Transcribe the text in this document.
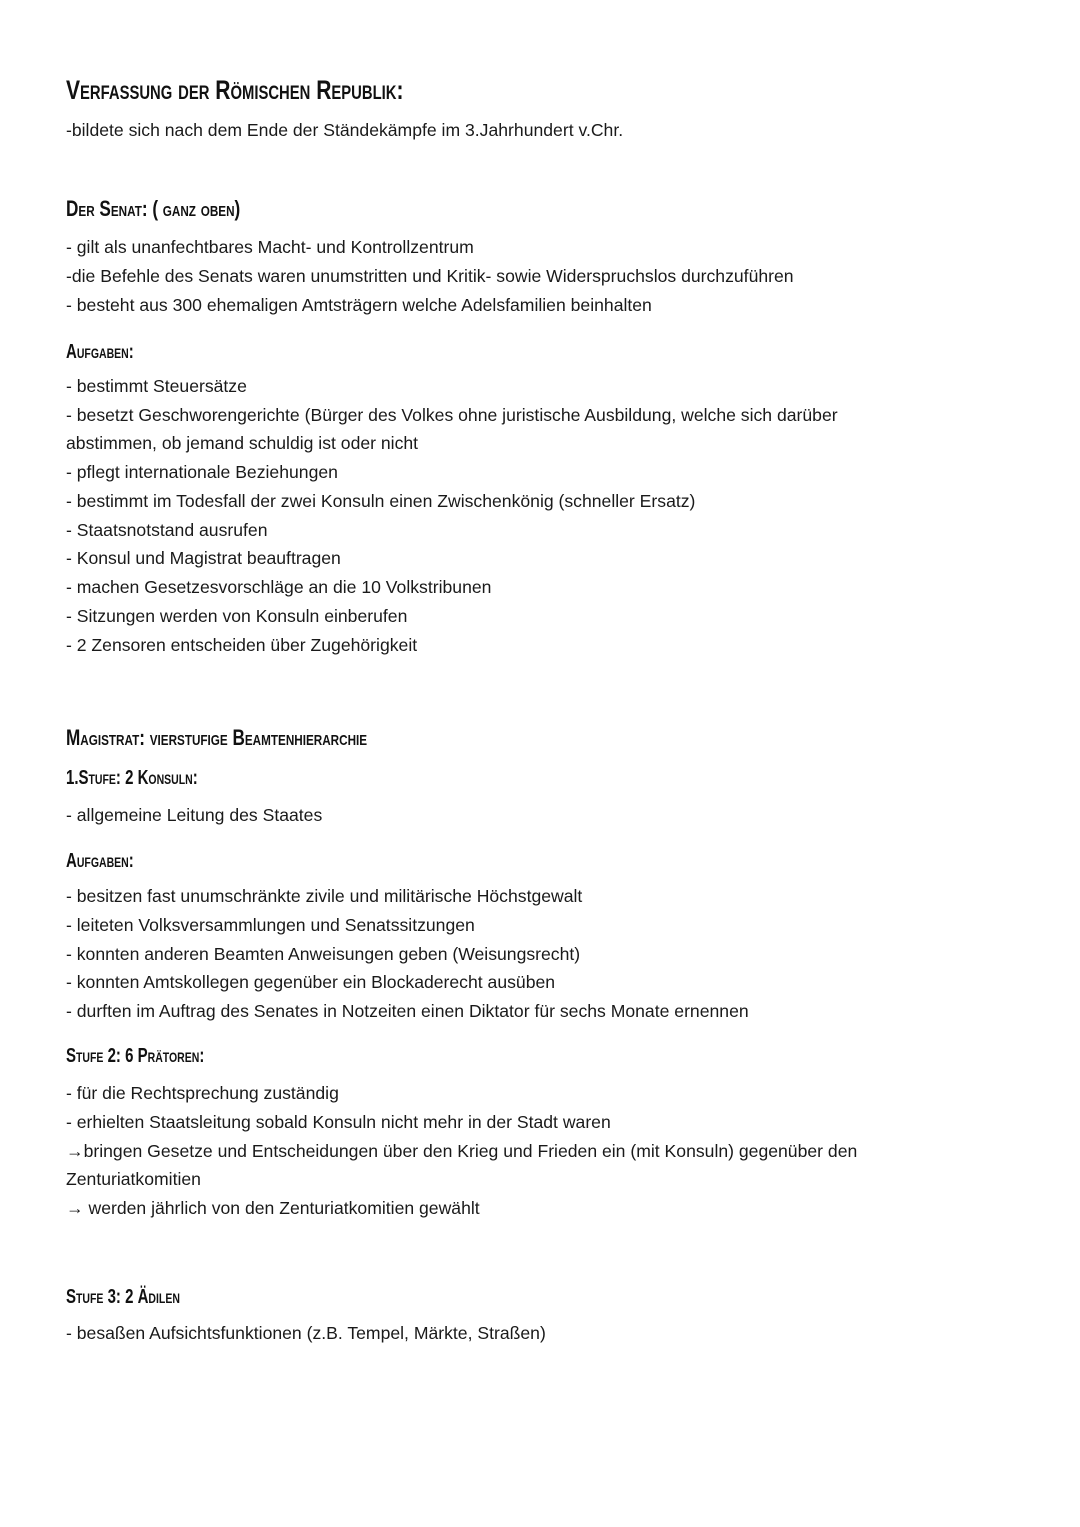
Verfassung der Römischen Republik:
-bildete sich nach dem Ende der Ständekämpfe im 3.Jahrhundert v.Chr.
Der Senat: ( ganz oben)
- gilt als unanfechtbares Macht- und Kontrollzentrum
-die Befehle des Senats waren unumstritten und Kritik- sowie Widerspruchslos durchzuführen
- besteht aus 300 ehemaligen Amtsträgern welche Adelsfamilien beinhalten
Aufgaben:
- bestimmt Steuersätze
- besetzt Geschworengerichte (Bürger des Volkes ohne juristische Ausbildung, welche sich darüber
abstimmen, ob jemand schuldig ist oder nicht
- pflegt internationale Beziehungen
- bestimmt im Todesfall der zwei Konsuln einen Zwischenkönig (schneller Ersatz)
- Staatsnotstand ausrufen
- Konsul und Magistrat beauftragen
- machen Gesetzesvorschläge an die 10 Volkstribunen
- Sitzungen werden von Konsuln einberufen
- 2 Zensoren entscheiden über Zugehörigkeit
Magistrat: vierstufige Beamtenhierarchie
1.Stufe: 2 Konsuln:
- allgemeine Leitung des Staates
Aufgaben:
- besitzen fast unumschränkte zivile und militärische Höchstgewalt
- leiteten Volksversammlungen und Senatssitzungen
- konnten anderen Beamten Anweisungen geben (Weisungsrecht)
- konnten Amtskollegen gegenüber ein Blockaderecht ausüben
- durften im Auftrag des Senates in Notzeiten einen Diktator für sechs Monate ernennen
Stufe 2: 6 Prätoren:
- für die Rechtsprechung zuständig
- erhielten Staatsleitung sobald Konsuln nicht mehr in der Stadt waren
→bringen Gesetze und Entscheidungen über den Krieg und Frieden ein (mit Konsuln) gegenüber den
Zenturiatkomitien
→ werden jährlich von den Zenturiatkomitien gewählt
Stufe 3: 2 Ädilen
- besaßen Aufsichtsfunktionen (z.B. Tempel, Märkte, Straßen)
